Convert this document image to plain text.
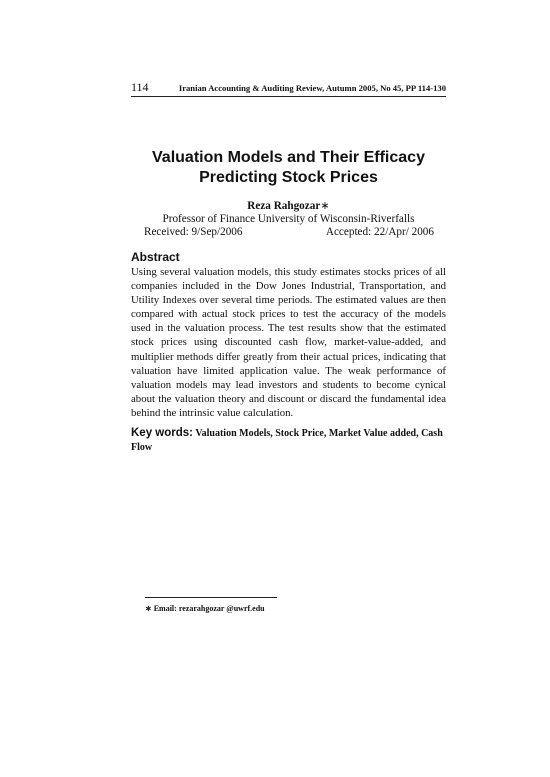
114	Iranian Accounting & Auditing Review, Autumn 2005, No 45, PP 114-130
Valuation Models and Their Efficacy
Predicting Stock Prices
Reza Rahgozar∗
Professor of Finance University of Wisconsin-Riverfalls
Received: 9/Sep/2006	Accepted: 22/Apr/ 2006
Abstract
Using several valuation models, this study estimates stocks prices of all companies included in the Dow Jones Industrial, Transportation, and Utility Indexes over several time periods. The estimated values are then compared with actual stock prices to test the accuracy of the models used in the valuation process. The test results show that the estimated stock prices using discounted cash flow, market-value-added, and multiplier methods differ greatly from their actual prices, indicating that valuation have limited application value. The weak performance of valuation models may lead investors and students to become cynical about the valuation theory and discount or discard the fundamental idea behind the intrinsic value calculation.
Key words: Valuation Models, Stock Price, Market Value added, Cash Flow
∗ Email: rezarahgozar @uwrf.edu
